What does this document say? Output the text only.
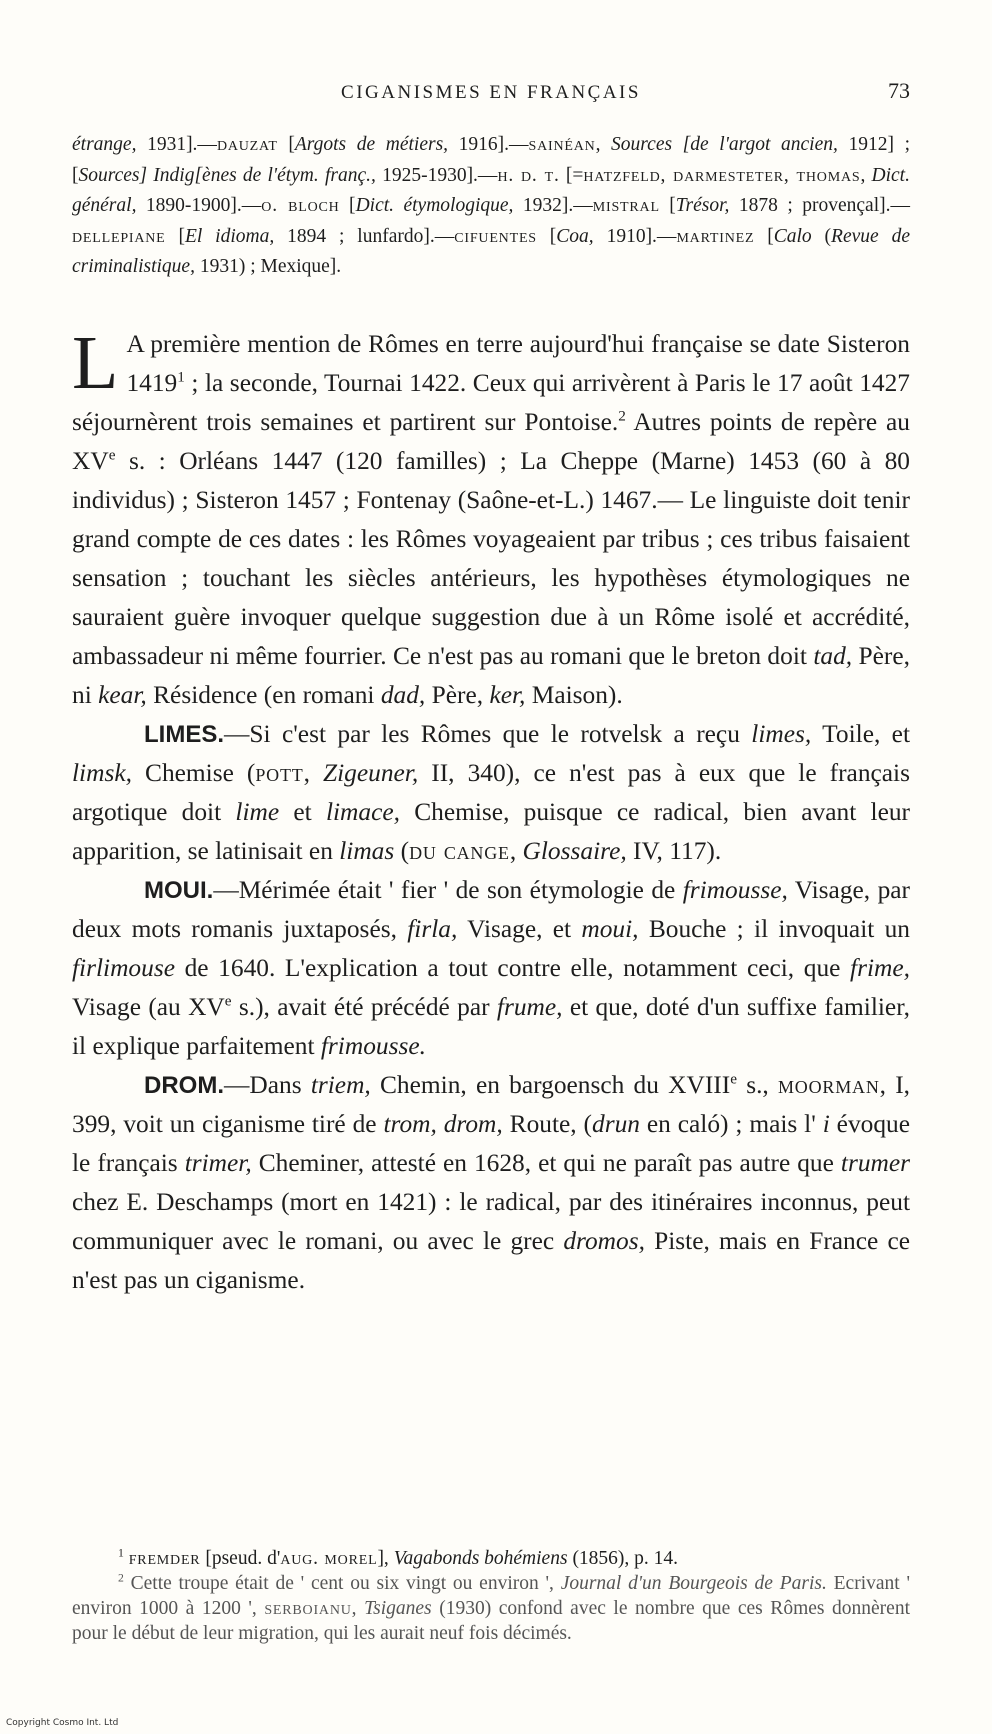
CIGANISMES EN FRANÇAIS	73
étrange, 1931].—dauzat [Argots de métiers, 1916].—sainéan, Sources [de l'argot ancien, 1912] ; [Sources] Indig[ènes de l'étym. franç., 1925-1930].—h. d. t. [=hatzfeld, darmesteter, thomas, Dict. général, 1890-1900].—o. bloch [Dict. étymologique, 1932].—mistral [Trésor, 1878 ; provençal].—dellepiane [El idioma, 1894 ; lunfardo].—cifuentes [Coa, 1910].—martinez [Calo (Revue de criminalistique, 1931) ; Mexique].

L A première mention de Rômes en terre aujourd'hui française se date Sisteron 1419$^1$ ; la seconde, Tournai 1422. Ceux qui arrivèrent à Paris le 17 août 1427 séjournèrent trois semaines et partirent sur Pontoise.$^2$ Autres points de repère au XVe s. : Orléans 1447 (120 familles) ; La Cheppe (Marne) 1453 (60 à 80 individus) ; Sisteron 1457 ; Fontenay (Saône-et-L.) 1467.— Le linguiste doit tenir grand compte de ces dates : les Rômes voyageaient par tribus ; ces tribus faisaient sensation ; touchant les siècles antérieurs, les hypothèses étymologiques ne sauraient guère invoquer quelque suggestion due à un Rôme isolé et accrédité, ambassadeur ni même fourrier. Ce n'est pas au romani que le breton doit tad, Père, ni kear, Résidence (en romani dad, Père, ker, Maison).

LIMES.—Si c'est par les Rômes que le rotvelsk a reçu limes, Toile, et limsk, Chemise (pott, Zigeuner, II, 340), ce n'est pas à eux que le français argotique doit lime et limace, Chemise, puisque ce radical, bien avant leur apparition, se latinisait en limas (du cange, Glossaire, IV, 117).

MOUI.—Mérimée était ' fier ' de son étymologie de frimousse, Visage, par deux mots romanis juxtaposés, firla, Visage, et moui, Bouche ; il invoquait un firlimouse de 1640. L'explication a tout contre elle, notamment ceci, que frime, Visage (au XVe s.), avait été précédé par frume, et que, doté d'un suffixe familier, il explique parfaitement frimousse.

DROM.—Dans triem, Chemin, en bargoensch du XVIIIe s., moorman, I, 399, voit un ciganisme tiré de trom, drom, Route, (drun en caló) ; mais l' i évoque le français trimer, Cheminer, attesté en 1628, et qui ne paraît pas autre que trumer chez E. Deschamps (mort en 1421) : le radical, par des itinéraires inconnus, peut communiquer avec le romani, ou avec le grec dromos, Piste, mais en France ce n'est pas un ciganisme.

$^1$ fremder [pseud. d'aug. morel], Vagabonds bohémiens (1856), p. 14.

$^2$ Cette troupe était de ' cent ou six vingt ou environ ', Journal d'un Bourgeois de Paris. Ecrivant ' environ 1000 à 1200 ', serboianu, Tsiganes (1930) confond avec le nombre que ces Rômes donnèrent pour le début de leur migration, qui les aurait neuf fois décimés.

Copyright Cosmo Int. Ltd
